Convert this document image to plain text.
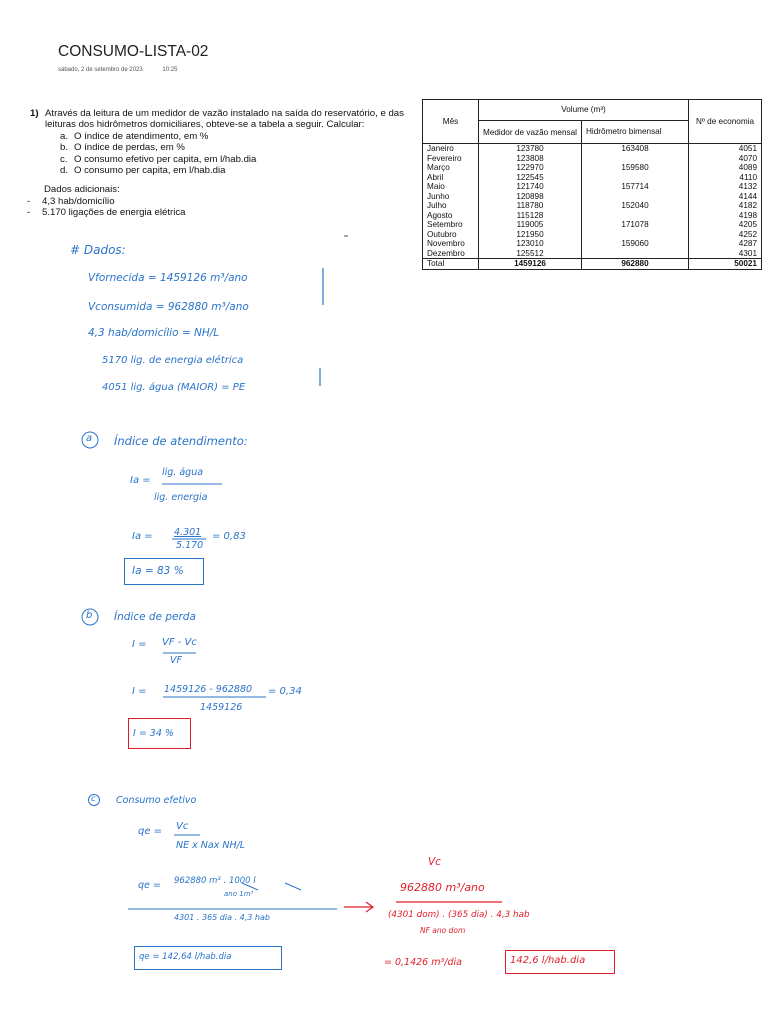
CONSUMO-LISTA-02
sábado, 2 de setembro de 2023	10:25
1) Através da leitura de um medidor de vazão instalado na saída do reservatório, e das leituras dos hidrômetros domiciliares, obteve-se a tabela a seguir. Calcular:
a. O índice de atendimento, em %
b. O índice de perdas, em %
c. O consumo efetivo per capita, em l/hab.dia
d. O consumo per capita, em l/hab.dia
Dados adicionais:
- 4,3 hab/domicílio
- 5.170 ligações de energia elétrica
Mês	Volume (m³)		Nº de economia
	Medidor de vazão mensal	Hidrômetro bimensal	
Janeiro	123780	163408	4051
Fevereiro	123808		4070
Março	122970	159580	4089
Abril	122545		4110
Maio	121740	157714	4132
Junho	120898		4144
Julho	118780	152040	4182
Agosto	115128		4198
Setembro	119005	171078	4205
Outubro	121950		4252
Novembro	123010	159060	4287
Dezembro	125512		4301
Total	1459126	962880	50021
# Dados:
Vfornecida = 1459126 m³/ano
Vconsumida = 962880 m³/ano
4,3 hab/domicílio = NH/L
5170 lig. de energia elétrica
4051 lig. água (MAIOR) = PE
a Índice de atendimento:
Ia =
lig. água
lig. energia
Ia = 4.301
5.170
= 0,83
Ia = 83 %
b Índice de perda
I = VF - Vc
VF
I = 1459126 - 962880
1459126
= 0,34
I = 34 %
c Consumo efetivo
qe = Vc
NE x Nax NH/L
qe = 962880 m³ . 1000 l
ano 1m³
4301 . 365 dia . 4,3 hab
qe = 142,64 l/hab.dia
Vc
962880 m³/ano
(4301 dom) . (365 dia) . 4,3 hab
NF ano dom
= 0,1426 m³/dia	142,6 l/hab.dia
